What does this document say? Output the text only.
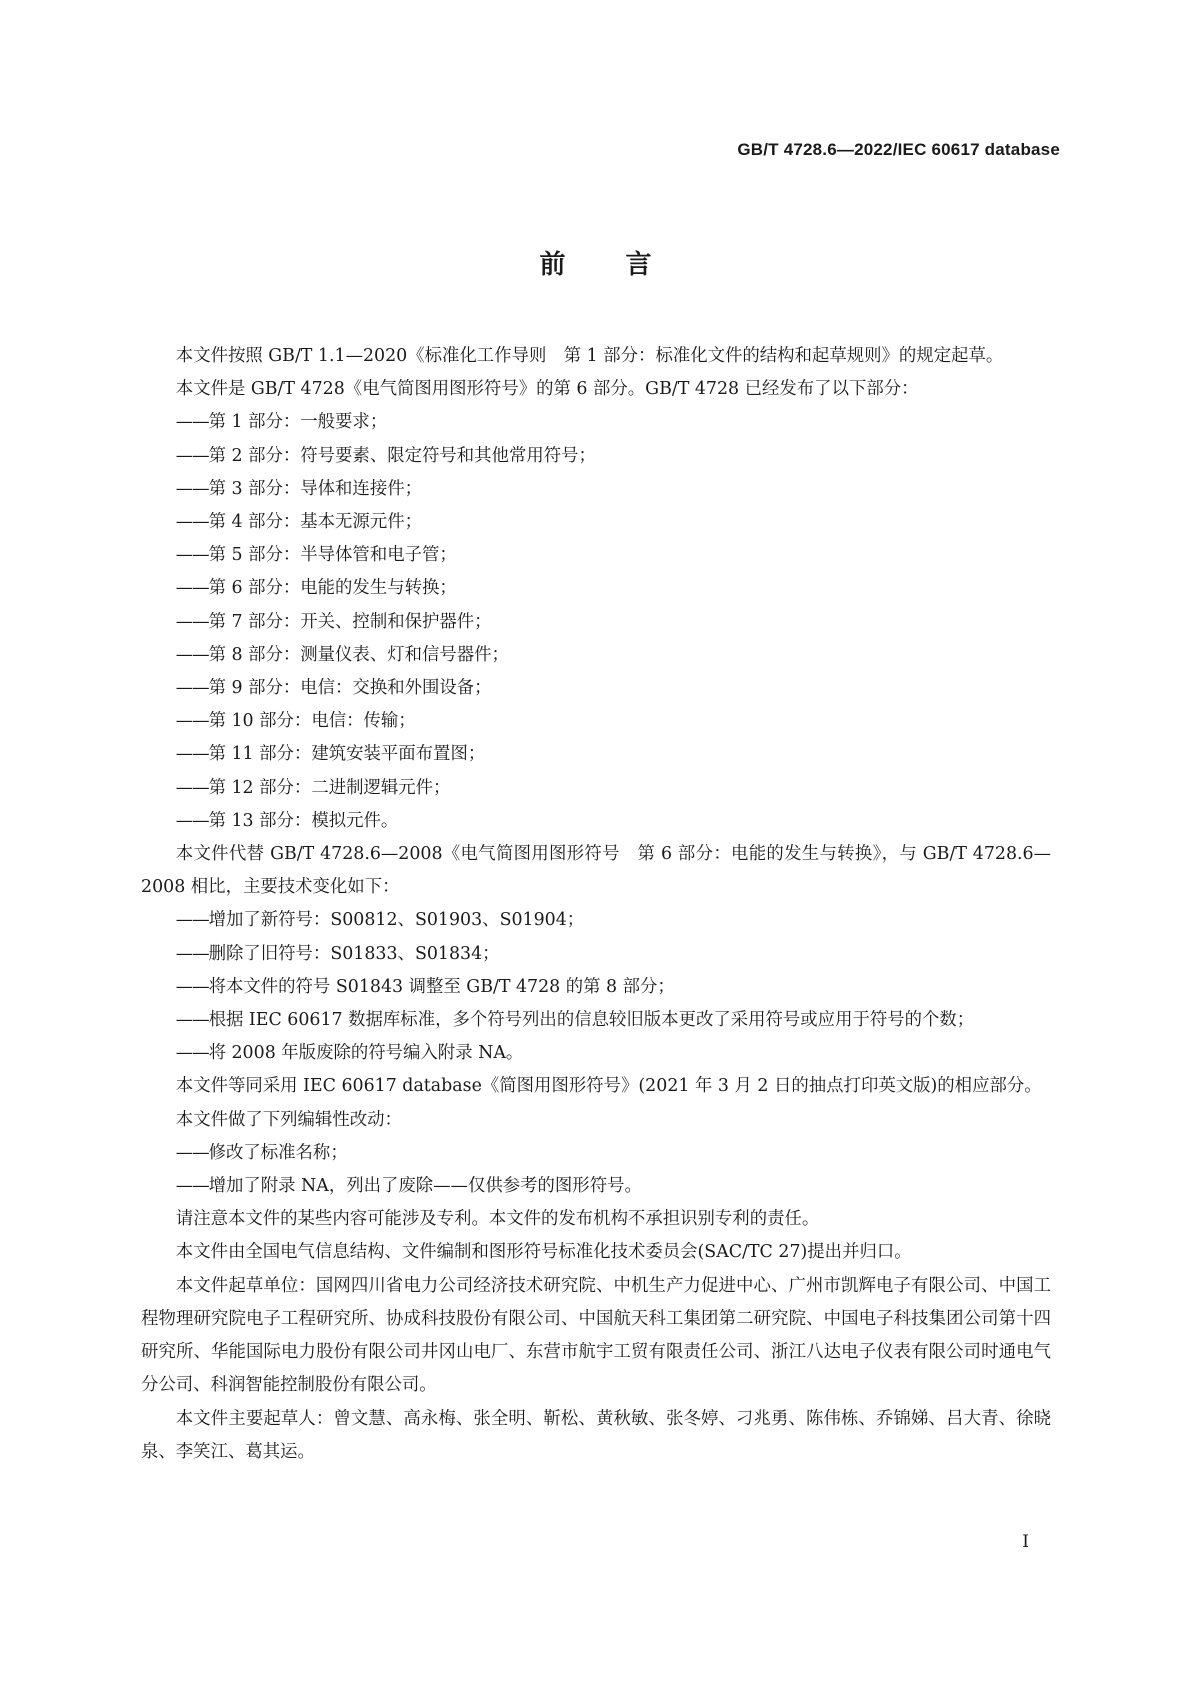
GB/T 4728.6—2022/IEC 60617 database
前 言

本文件按照 GB/T 1.1—2020《标准化工作导则　第 1 部分：标准化文件的结构和起草规则》的规定起草。

本文件是 GB/T 4728《电气简图用图形符号》的第 6 部分。GB/T 4728 已经发布了以下部分：

——第 1 部分：一般要求；

——第 2 部分：符号要素、限定符号和其他常用符号；

——第 3 部分：导体和连接件；

——第 4 部分：基本无源元件；

——第 5 部分：半导体管和电子管；

——第 6 部分：电能的发生与转换；

——第 7 部分：开关、控制和保护器件；

——第 8 部分：测量仪表、灯和信号器件；

——第 9 部分：电信：交换和外围设备；

——第 10 部分：电信：传输；

——第 11 部分：建筑安装平面布置图；

——第 12 部分：二进制逻辑元件；

——第 13 部分：模拟元件。

本文件代替 GB/T 4728.6—2008《电气简图用图形符号　第 6 部分：电能的发生与转换》，与 GB/T 4728.6—2008 相比，主要技术变化如下：

——增加了新符号：S00812、S01903、S01904；

——删除了旧符号：S01833、S01834；

——将本文件的符号 S01843 调整至 GB/T 4728 的第 8 部分；

——根据 IEC 60617 数据库标准，多个符号列出的信息较旧版本更改了采用符号或应用于符号的个数；

——将 2008 年版废除的符号编入附录 NA。

本文件等同采用 IEC 60617 database《简图用图形符号》(2021 年 3 月 2 日的抽点打印英文版)的相应部分。

本文件做了下列编辑性改动：

——修改了标准名称；

——增加了附录 NA，列出了废除——仅供参考的图形符号。

请注意本文件的某些内容可能涉及专利。本文件的发布机构不承担识别专利的责任。

本文件由全国电气信息结构、文件编制和图形符号标准化技术委员会(SAC/TC 27)提出并归口。

本文件起草单位：国网四川省电力公司经济技术研究院、中机生产力促进中心、广州市凯辉电子有限公司、中国工程物理研究院电子工程研究所、协成科技股份有限公司、中国航天科工集团第二研究院、中国电子科技集团公司第十四研究所、华能国际电力股份有限公司井冈山电厂、东营市航宇工贸有限责任公司、浙江八达电子仪表有限公司时通电气分公司、科润智能控制股份有限公司。

本文件主要起草人：曾文慧、高永梅、张全明、靳松、黄秋敏、张冬婷、刁兆勇、陈伟栋、乔锦娣、吕大青、徐晓泉、李笑江、葛其运。

I
